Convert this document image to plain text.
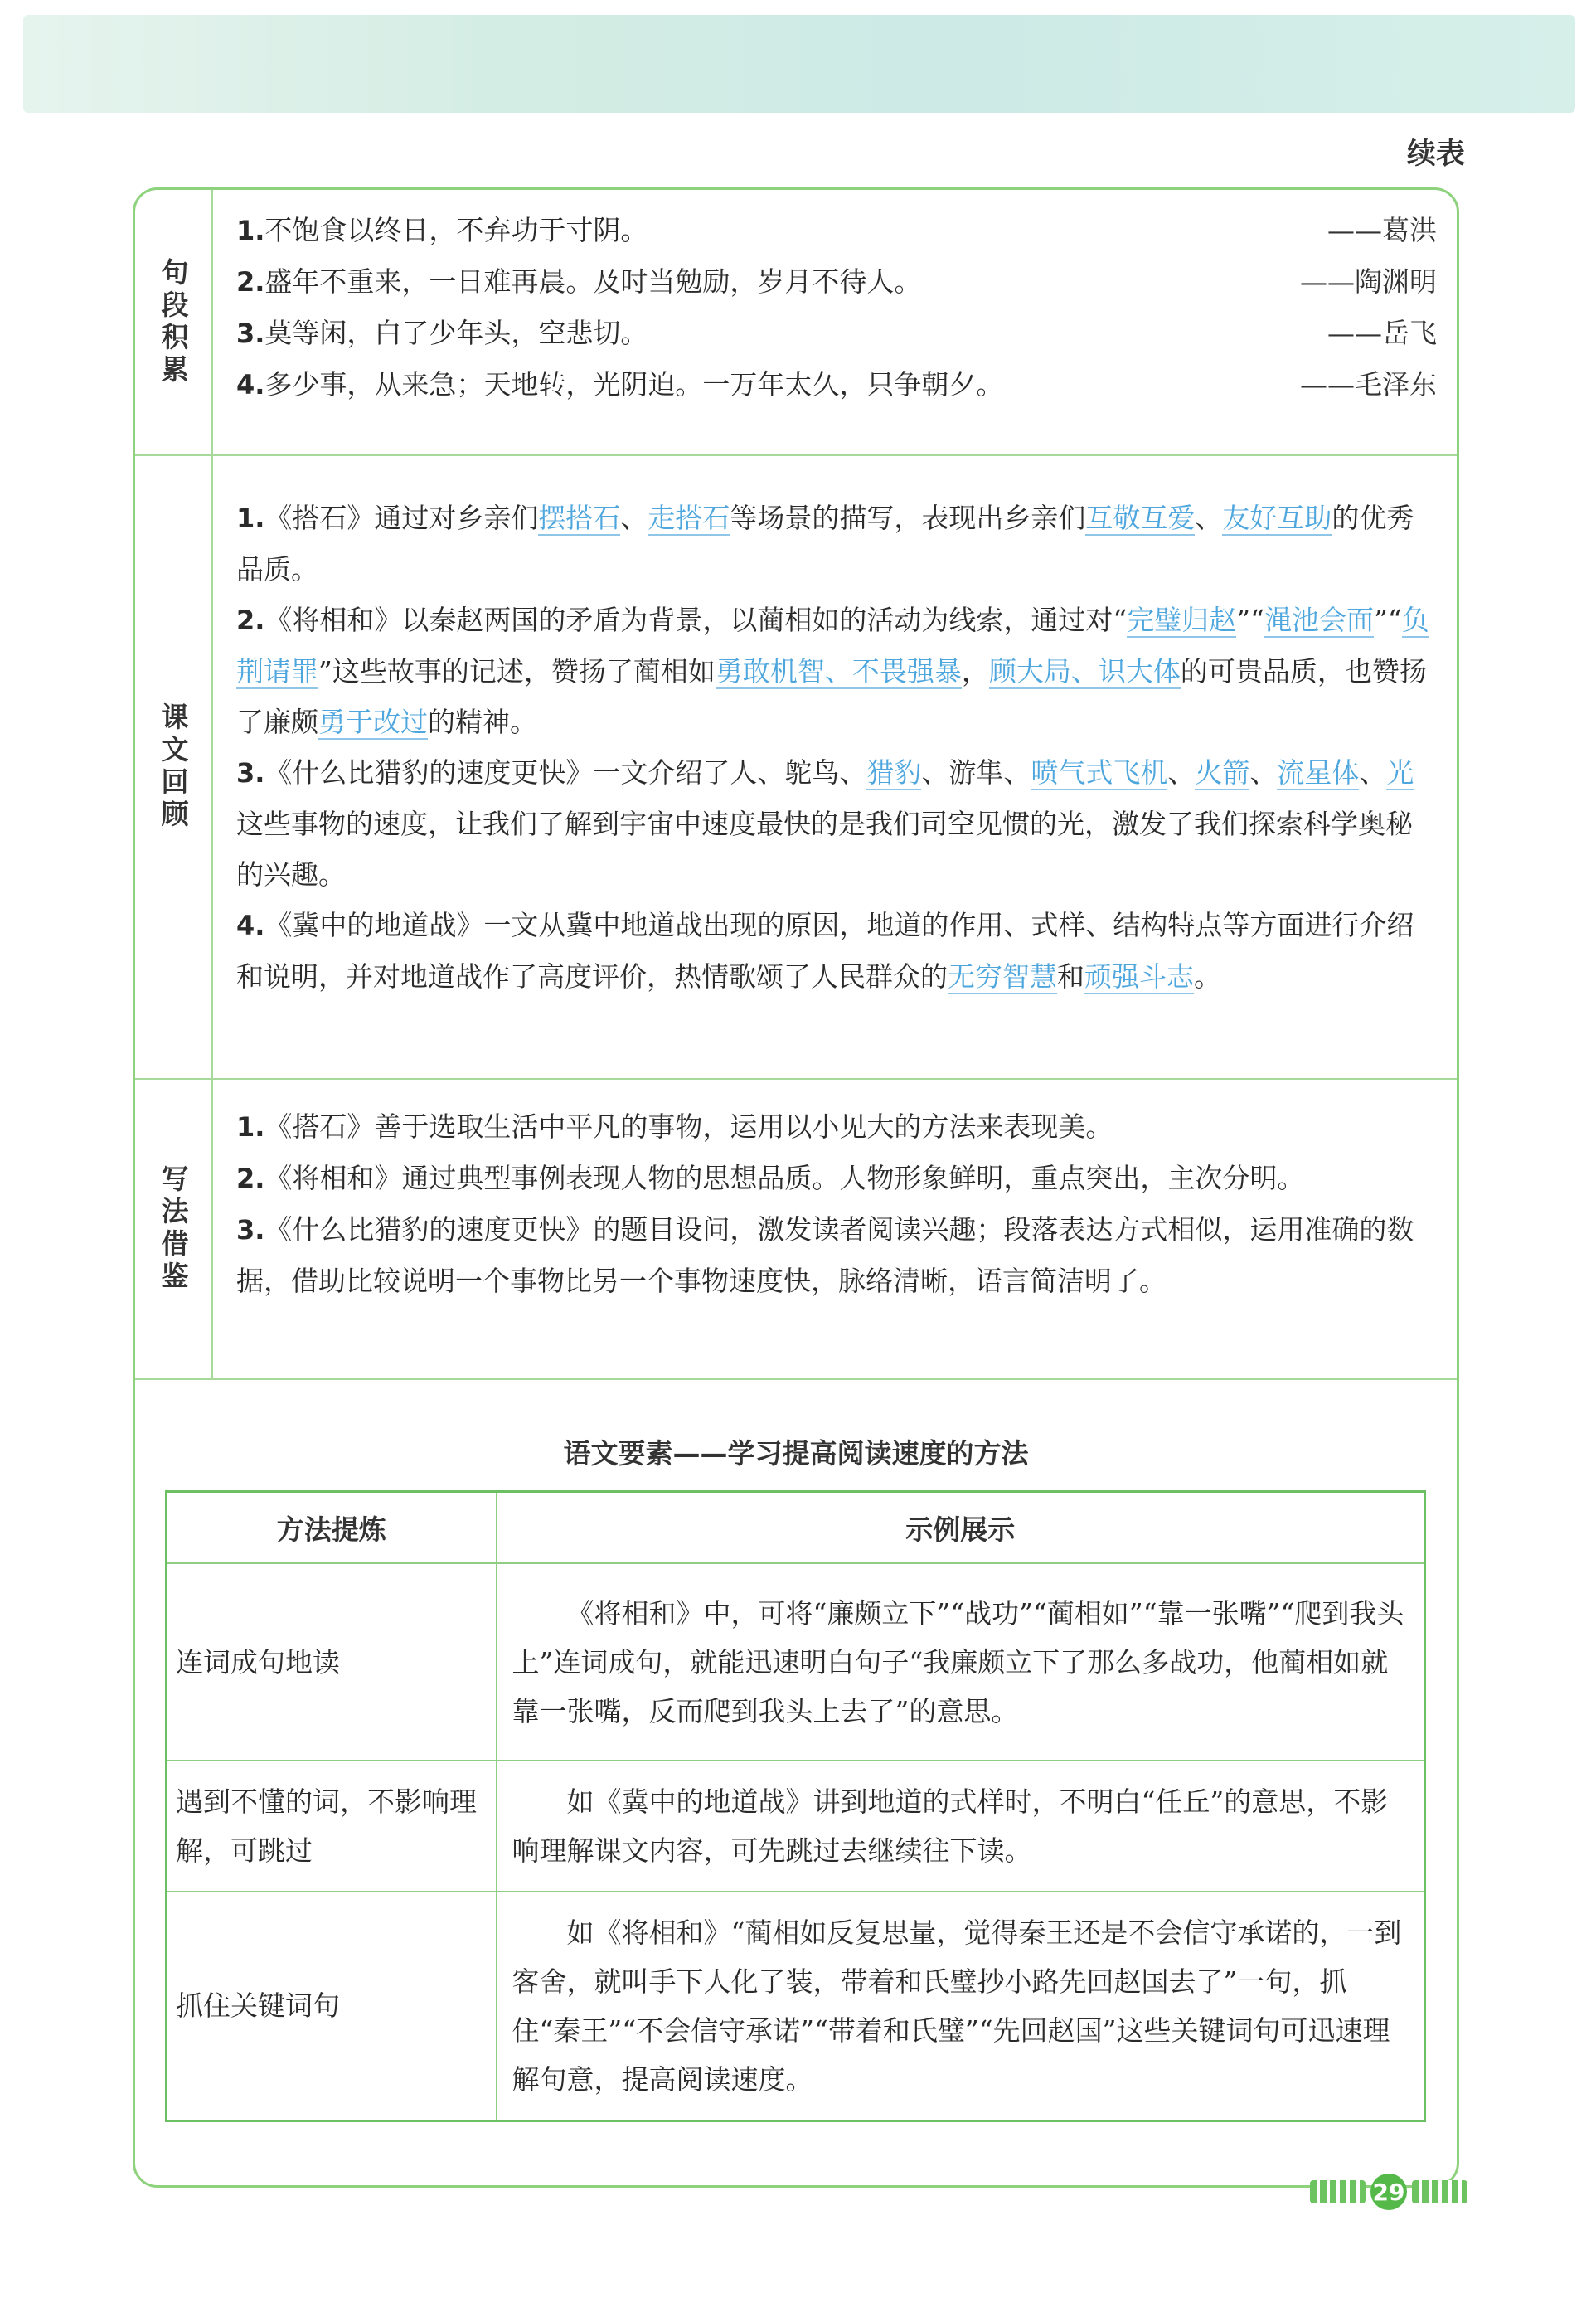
续表
句段积累
1.不饱食以终日，不弃功于寸阴。	——葛洪
2.盛年不重来，一日难再晨。及时当勉励，岁月不待人。	——陶渊明
3.莫等闲，白了少年头，空悲切。	——岳飞
4.多少事，从来急；天地转，光阴迫。一万年太久，只争朝夕。	——毛泽东
课文回顾
1.《搭石》通过对乡亲们摆搭石、走搭石等场景的描写，表现出乡亲们互敬互爱、友好互助的优秀品质。
2.《将相和》以秦赵两国的矛盾为背景，以蔺相如的活动为线索，通过对“完璧归赵”“渑池会面”“负荆请罪”这些故事的记述，赞扬了蔺相如勇敢机智、不畏强暴，顾大局、识大体的可贵品质，也赞扬了廉颇勇于改过的精神。
3.《什么比猎豹的速度更快》一文介绍了人、鸵鸟、猎豹、游隼、喷气式飞机、火箭、流星体、光这些事物的速度，让我们了解到宇宙中速度最快的是我们司空见惯的光，激发了我们探索科学奥秘的兴趣。
4.《冀中的地道战》一文从冀中地道战出现的原因，地道的作用、式样、结构特点等方面进行介绍和说明，并对地道战作了高度评价，热情歌颂了人民群众的无穷智慧和顽强斗志。
写法借鉴
1.《搭石》善于选取生活中平凡的事物，运用以小见大的方法来表现美。
2.《将相和》通过典型事例表现人物的思想品质。人物形象鲜明，重点突出，主次分明。
3.《什么比猎豹的速度更快》的题目设问，激发读者阅读兴趣；段落表达方式相似，运用准确的数据，借助比较说明一个事物比另一个事物速度快，脉络清晰，语言简洁明了。
语文要素——学习提高阅读速度的方法
方法提炼	示例展示
连词成句地读	《将相和》中，可将“廉颇立下”“战功”“蔺相如”“靠一张嘴”“爬到我头上”连词成句，就能迅速明白句子“我廉颇立下了那么多战功，他蔺相如就靠一张嘴，反而爬到我头上去了”的意思。
遇到不懂的词，不影响理解，可跳过	如《冀中的地道战》讲到地道的式样时，不明白“任丘”的意思，不影响理解课文内容，可先跳过去继续往下读。
抓住关键词句	如《将相和》“蔺相如反复思量，觉得秦王还是不会信守承诺的，一到客舍，就叫手下人化了装，带着和氏璧抄小路先回赵国去了”一句，抓住“秦王”“不会信守承诺”“带着和氏璧”“先回赵国”这些关键词句可迅速理解句意，提高阅读速度。
29
